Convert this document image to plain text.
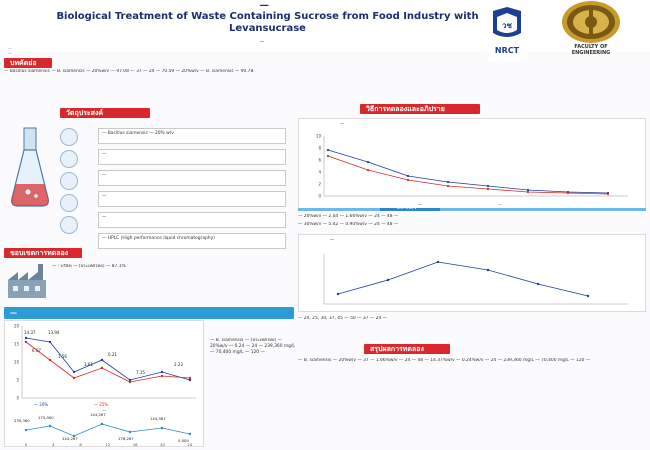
—
Biological Treatment of Waste Containing Sucrose from Food Industry with Levansucrase
—
—
—
วช
NRCT	FACULTY OF ENGINEERING
บทคัดย่อ
— Bacillus siamensis — B. siamensis — 20%w/v — 97.08 — 37 — 24 — 70.59 — 20%w/v — B. siamensis — 90.78
วัตถุประสงค์
— Bacillus siamensis — 20% w/v
—
—
—
—
— HPLC (High performance liquid chromatography)
ขอบเขตการทดลอง
— : บริษัท — (ประเทศไทย) — 87.1%
—
20
15
10
5
0
14.37	13.94
6.07
1.56
3.61
0.21
7.15
2.23
— 20%	— 25%
—
239,360
175,000
144,267
144,267
176,267
144,587
0,000
0	4	8	12	16	20	24
— B. siamensis — (ประเทศไทย) — 20%w/v — 0.24 — 24 — 239,360 mg/L — 70,400 mg/L — 120 —
วิธีการทดลองและอภิปราย
—
10
8
6
4
2
0
—	—
20%w/v
— 20%w/v — 2.04 — 1.66%w/v — 24 — 48 —
— 30%w/v — 5.42 — 0.90%w/v — 24 — 48 —
—
— 20, 25, 30, 37, 45 — 50 — 37 — 24 —
สรุปผลการทดลอง
— B. siamensis — 20%w/v — 37 — 1.66%w/v — 24 — 48 — 14.37%w/v — 0.24%w/v — 24 — 239,360 mg/L — 70,400 mg/L — 120 —
